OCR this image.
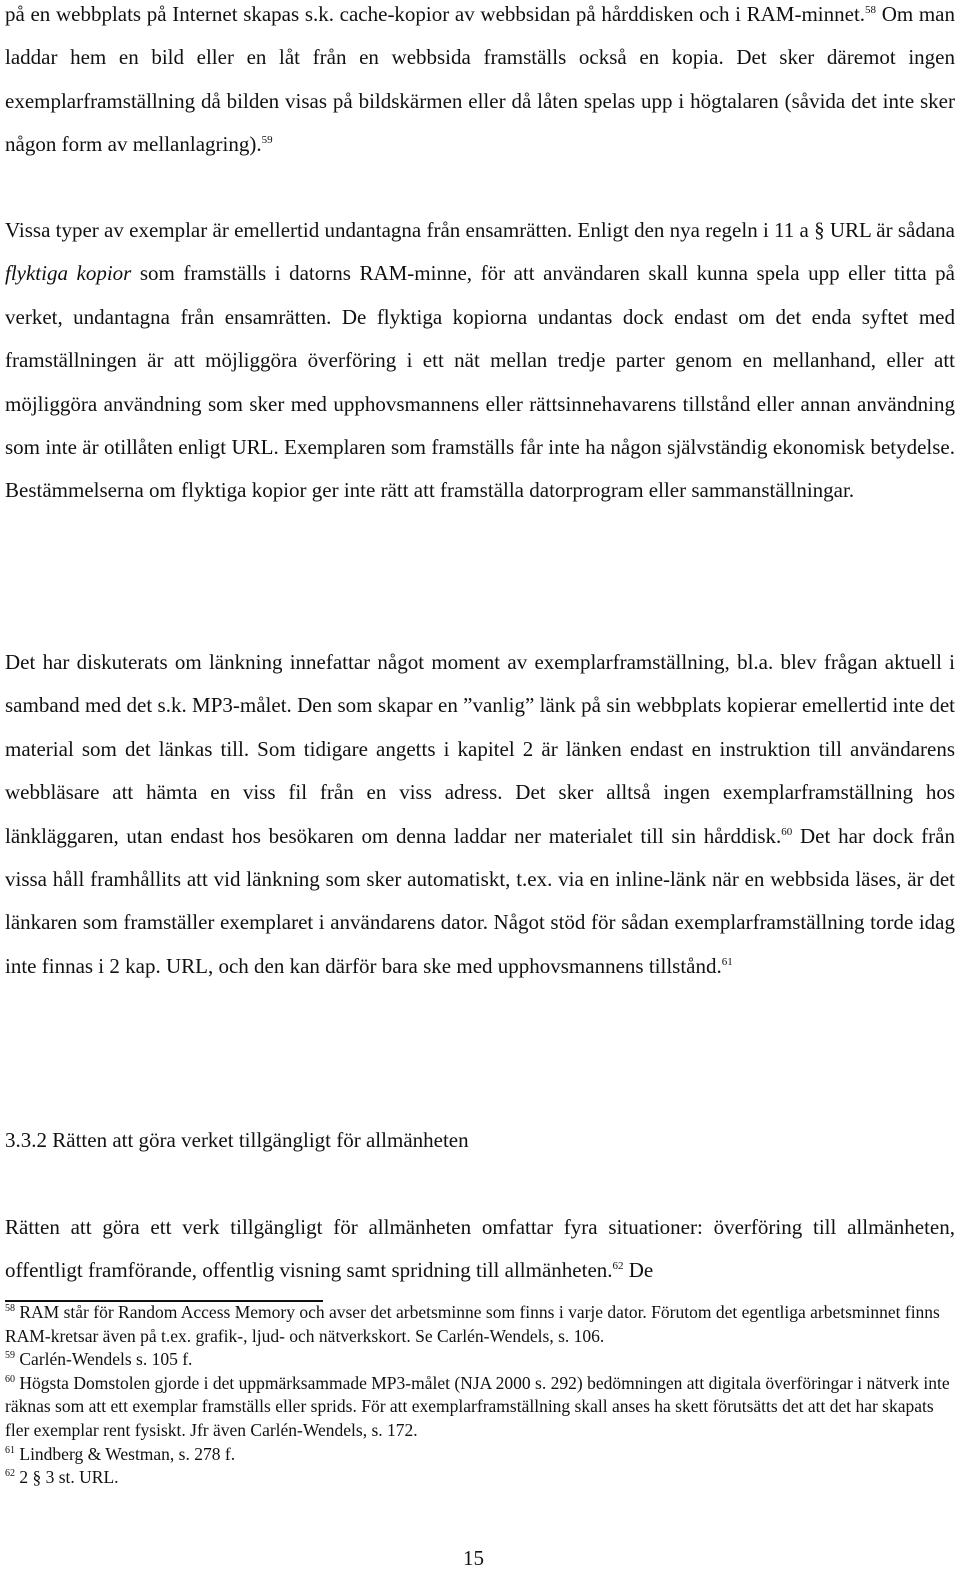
på en webbplats på Internet skapas s.k. cache-kopior av webbsidan på hårddisken och i RAM-minnet.$^{58}$ Om man laddar hem en bild eller en låt från en webbsida framställs också en kopia. Det sker däremot ingen exemplarframställning då bilden visas på bildskärmen eller då låten spelas upp i högtalaren (såvida det inte sker någon form av mellanlagring).$^{59}$

Vissa typer av exemplar är emellertid undantagna från ensamrätten. Enligt den nya regeln i 11 a § URL är sådana flyktiga kopior som framställs i datorns RAM-minne, för att användaren skall kunna spela upp eller titta på verket, undantagna från ensamrätten. De flyktiga kopiorna undantas dock endast om det enda syftet med framställningen är att möjliggöra överföring i ett nät mellan tredje parter genom en mellanhand, eller att möjliggöra användning som sker med upphovsmannens eller rättsinnehavarens tillstånd eller annan användning som inte är otillåten enligt URL. Exemplaren som framställs får inte ha någon självständig ekonomisk betydelse. Bestämmelserna om flyktiga kopior ger inte rätt att framställa datorprogram eller sammanställningar.

Det har diskuterats om länkning innefattar något moment av exemplarframställning, bl.a. blev frågan aktuell i samband med det s.k. MP3-målet. Den som skapar en ”vanlig” länk på sin webbplats kopierar emellertid inte det material som det länkas till. Som tidigare angetts i kapitel 2 är länken endast en instruktion till användarens webbläsare att hämta en viss fil från en viss adress. Det sker alltså ingen exemplarframställning hos länkläggaren, utan endast hos besökaren om denna laddar ner materialet till sin hårddisk.$^{60}$ Det har dock från vissa håll framhållits att vid länkning som sker automatiskt, t.ex. via en inline-länk när en webbsida läses, är det länkaren som framställer exemplaret i användarens dator. Något stöd för sådan exemplarframställning torde idag inte finnas i 2 kap. URL, och den kan därför bara ske med upphovsmannens tillstånd.$^{61}$

3.3.2 Rätten att göra verket tillgängligt för allmänheten

Rätten att göra ett verk tillgängligt för allmänheten omfattar fyra situationer: överföring till allmänheten, offentligt framförande, offentlig visning samt spridning till allmänheten.$^{62}$ De

$^{58}$ RAM står för Random Access Memory och avser det arbetsminne som finns i varje dator. Förutom det egentliga arbetsminnet finns RAM-kretsar även på t.ex. grafik-, ljud- och nätverkskort. Se Carlén-Wendels, s. 106.

$^{59}$ Carlén-Wendels s. 105 f.

$^{60}$ Högsta Domstolen gjorde i det uppmärksammade MP3-målet (NJA 2000 s. 292) bedömningen att digitala överföringar i nätverk inte räknas som att ett exemplar framställs eller sprids. För att exemplarframställning skall anses ha skett förutsätts det att det har skapats fler exemplar rent fysiskt. Jfr även Carlén-Wendels, s. 172.

$^{61}$ Lindberg & Westman, s. 278 f.

$^{62}$ 2 § 3 st. URL.

15
